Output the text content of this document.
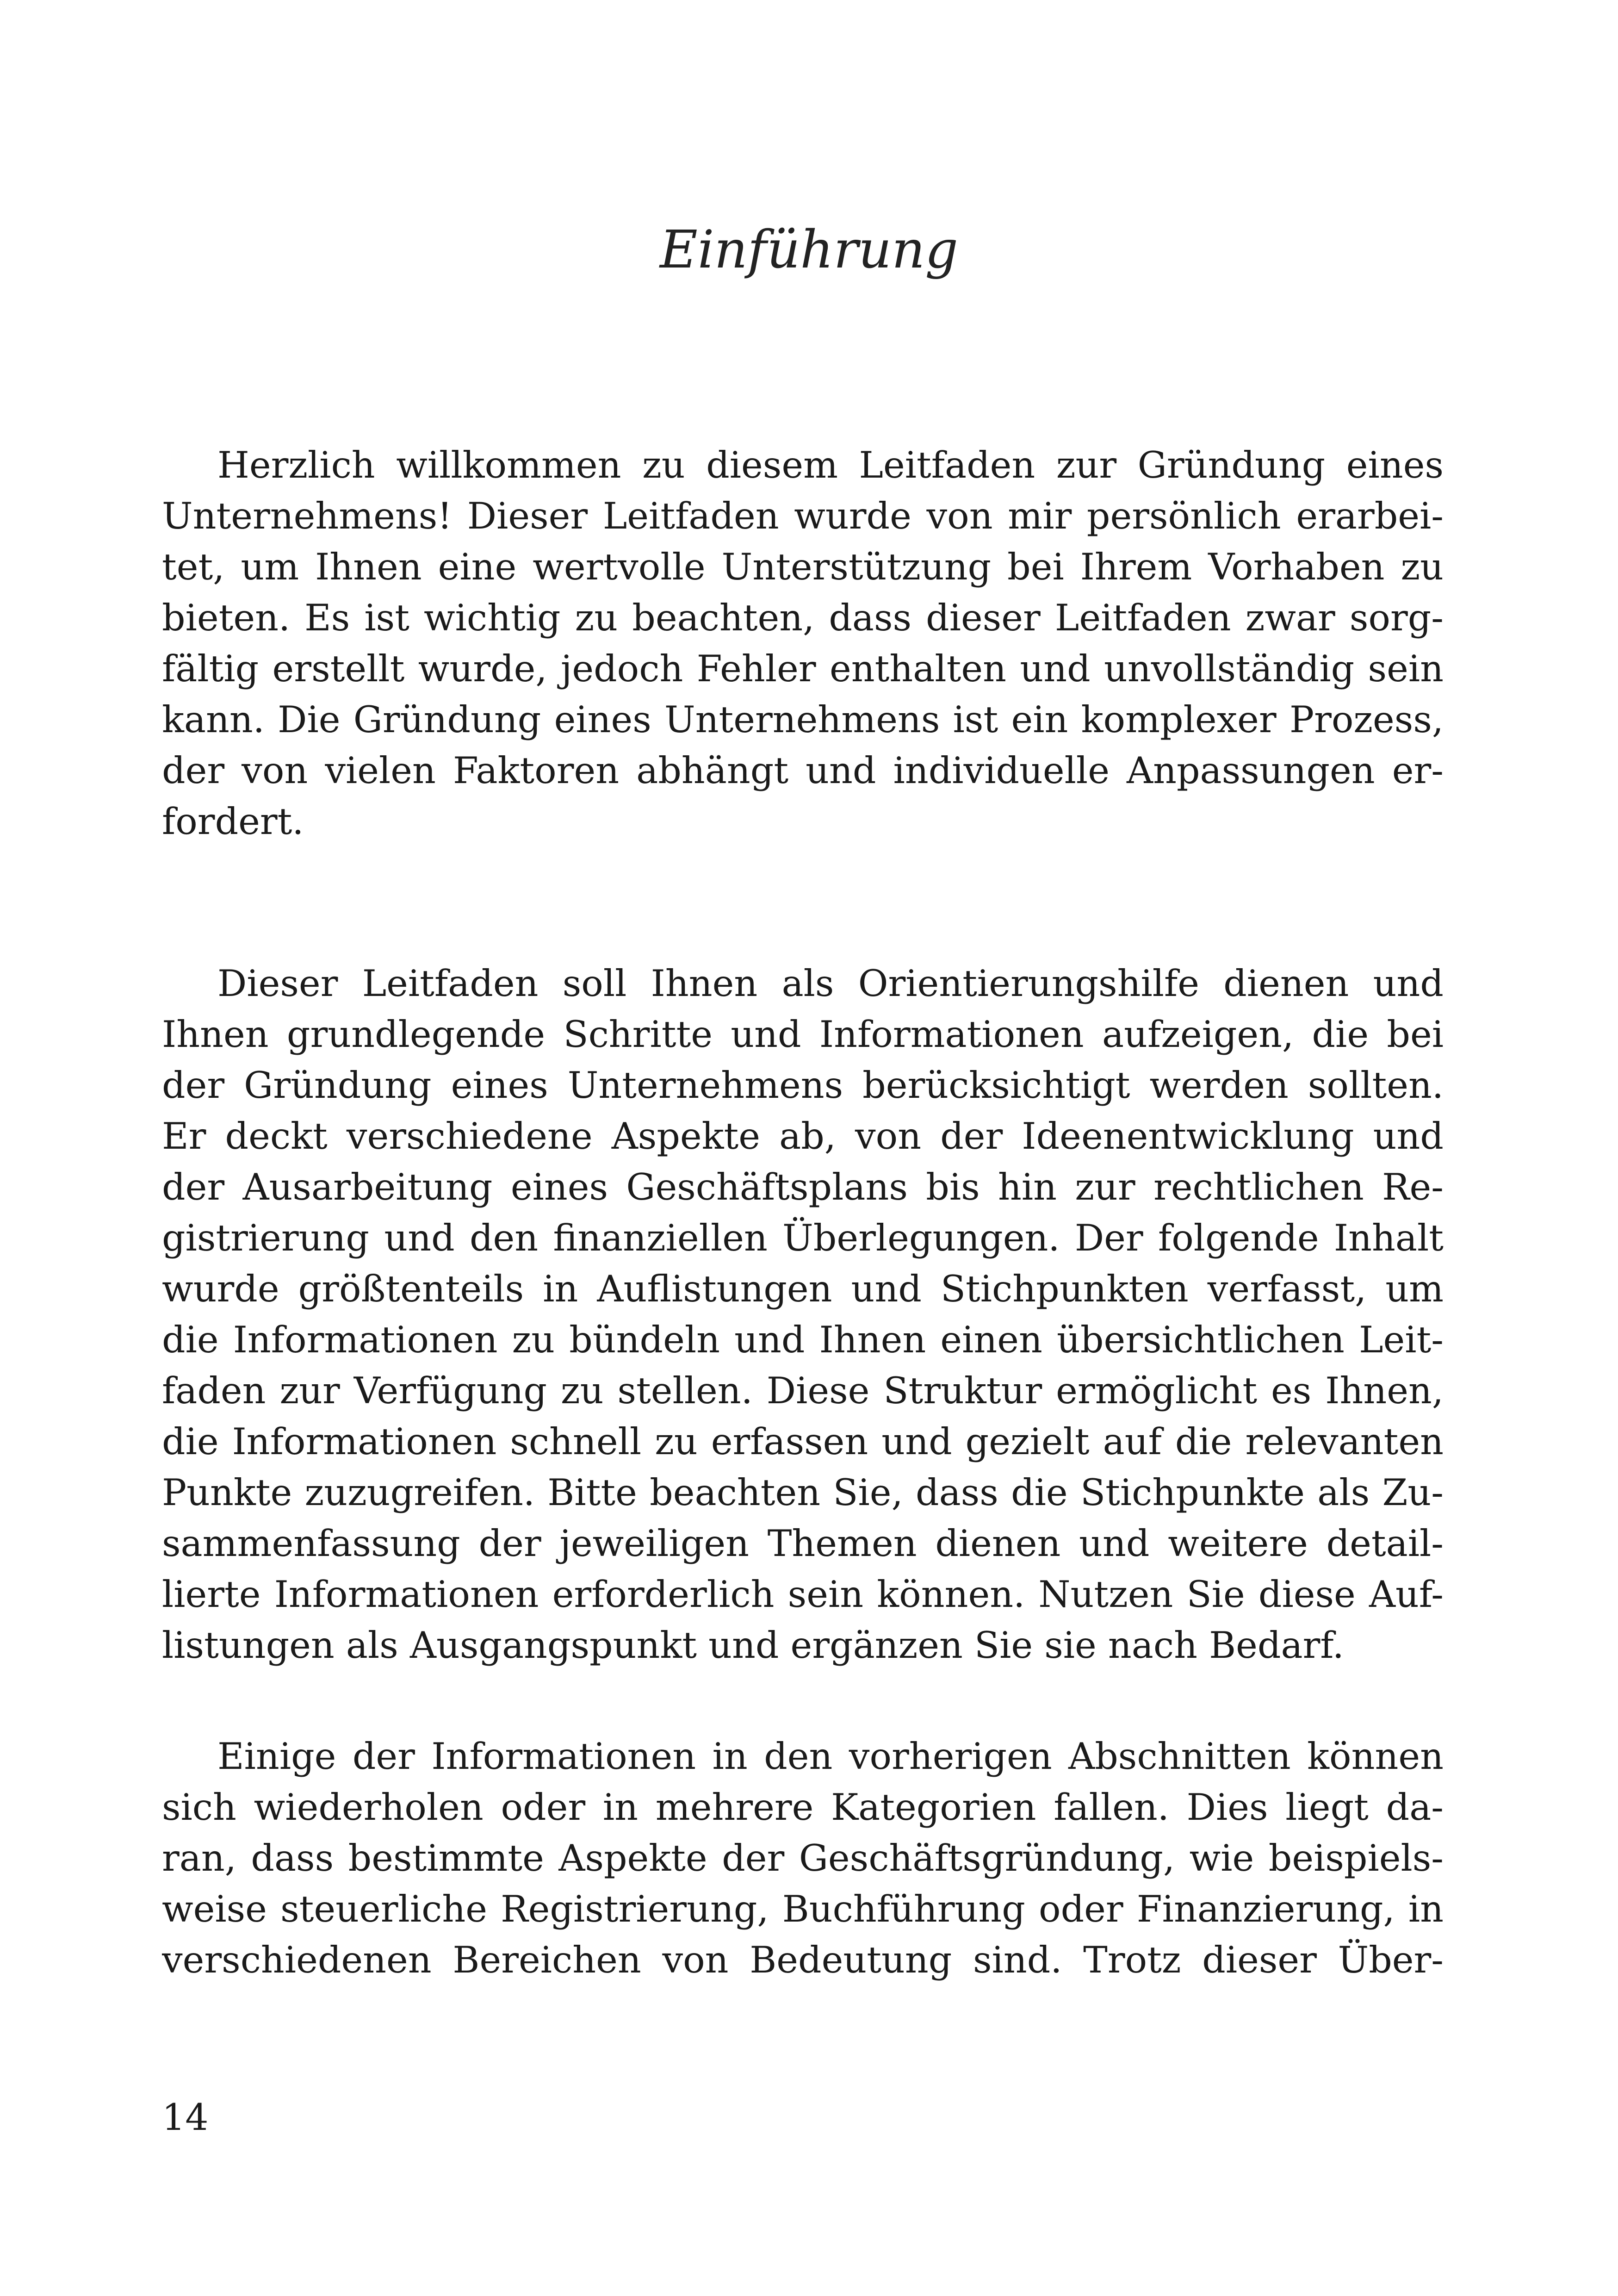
Einführung
Herzlich willkommen zu diesem Leitfaden zur Gründung eines
Unternehmens! Dieser Leitfaden wurde von mir persönlich erarbei-
tet, um Ihnen eine wertvolle Unterstützung bei Ihrem Vorhaben zu
bieten. Es ist wichtig zu beachten, dass dieser Leitfaden zwar sorg-
fältig erstellt wurde, jedoch Fehler enthalten und unvollständig sein
kann. Die Gründung eines Unternehmens ist ein komplexer Prozess,
der von vielen Faktoren abhängt und individuelle Anpassungen er-
fordert.
Dieser Leitfaden soll Ihnen als Orientierungshilfe dienen und
Ihnen grundlegende Schritte und Informationen aufzeigen, die bei
der Gründung eines Unternehmens berücksichtigt werden sollten.
Er deckt verschiedene Aspekte ab, von der Ideenentwicklung und
der Ausarbeitung eines Geschäftsplans bis hin zur rechtlichen Re-
gistrierung und den finanziellen Überlegungen. Der folgende Inhalt
wurde größtenteils in Auflistungen und Stichpunkten verfasst, um
die Informationen zu bündeln und Ihnen einen übersichtlichen Leit-
faden zur Verfügung zu stellen. Diese Struktur ermöglicht es Ihnen,
die Informationen schnell zu erfassen und gezielt auf die relevanten
Punkte zuzugreifen. Bitte beachten Sie, dass die Stichpunkte als Zu-
sammenfassung der jeweiligen Themen dienen und weitere detail-
lierte Informationen erforderlich sein können. Nutzen Sie diese Auf-
listungen als Ausgangspunkt und ergänzen Sie sie nach Bedarf.
Einige der Informationen in den vorherigen Abschnitten können
sich wiederholen oder in mehrere Kategorien fallen. Dies liegt da-
ran, dass bestimmte Aspekte der Geschäftsgründung, wie beispiels-
weise steuerliche Registrierung, Buchführung oder Finanzierung, in
verschiedenen Bereichen von Bedeutung sind. Trotz dieser Über-

14
